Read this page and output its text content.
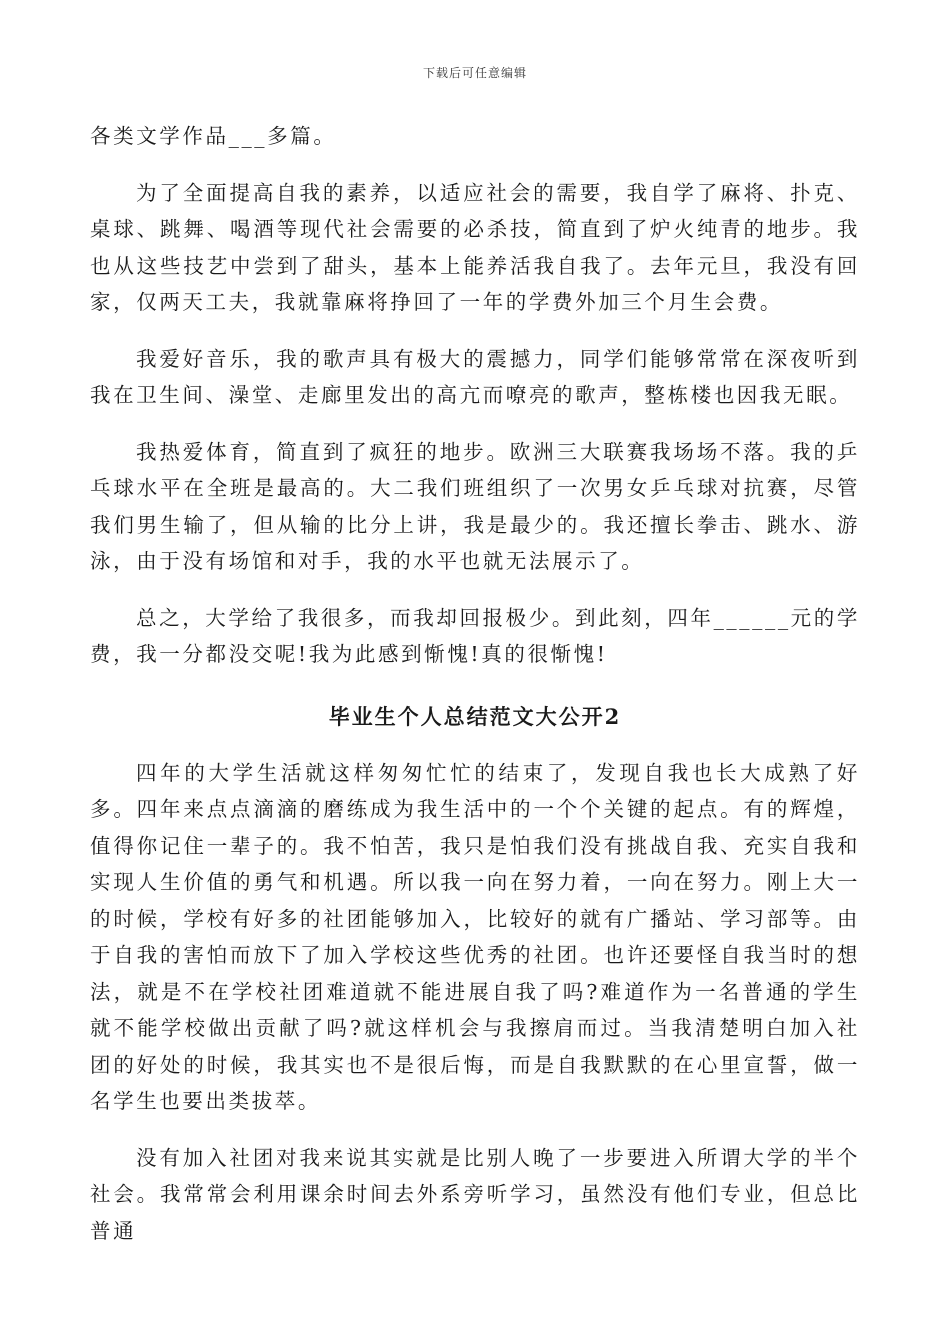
下载后可任意编辑

各类文学作品___多篇。

为了全面提高自我的素养，以适应社会的需要，我自学了麻将、扑克、桌球、跳舞、喝酒等现代社会需要的必杀技，简直到了炉火纯青的地步。我也从这些技艺中尝到了甜头，基本上能养活我自我了。去年元旦，我没有回家，仅两天工夫，我就靠麻将挣回了一年的学费外加三个月生会费。

我爱好音乐，我的歌声具有极大的震撼力，同学们能够常常在深夜听到我在卫生间、澡堂、走廊里发出的高亢而嘹亮的歌声，整栋楼也因我无眠。

我热爱体育，简直到了疯狂的地步。欧洲三大联赛我场场不落。我的乒乓球水平在全班是最高的。大二我们班组织了一次男女乒乓球对抗赛，尽管我们男生输了，但从输的比分上讲，我是最少的。我还擅长拳击、跳水、游泳，由于没有场馆和对手，我的水平也就无法展示了。

总之，大学给了我很多，而我却回报极少。到此刻，四年______元的学费，我一分都没交呢!我为此感到惭愧!真的很惭愧!

毕业生个人总结范文大公开2

四年的大学生活就这样匆匆忙忙的结束了，发现自我也长大成熟了好多。四年来点点滴滴的磨练成为我生活中的一个个关键的起点。有的辉煌，值得你记住一辈子的。我不怕苦，我只是怕我们没有挑战自我、充实自我和实现人生价值的勇气和机遇。所以我一向在努力着，一向在努力。刚上大一的时候，学校有好多的社团能够加入，比较好的就有广播站、学习部等。由于自我的害怕而放下了加入学校这些优秀的社团。也许还要怪自我当时的想法，就是不在学校社团难道就不能进展自我了吗?难道作为一名普通的学生就不能学校做出贡献了吗?就这样机会与我擦肩而过。当我清楚明白加入社团的好处的时候，我其实也不是很后悔，而是自我默默的在心里宣誓，做一名学生也要出类拔萃。

没有加入社团对我来说其实就是比别人晚了一步要进入所谓大学的半个社会。我常常会利用课余时间去外系旁听学习，虽然没有他们专业，但总比普通
